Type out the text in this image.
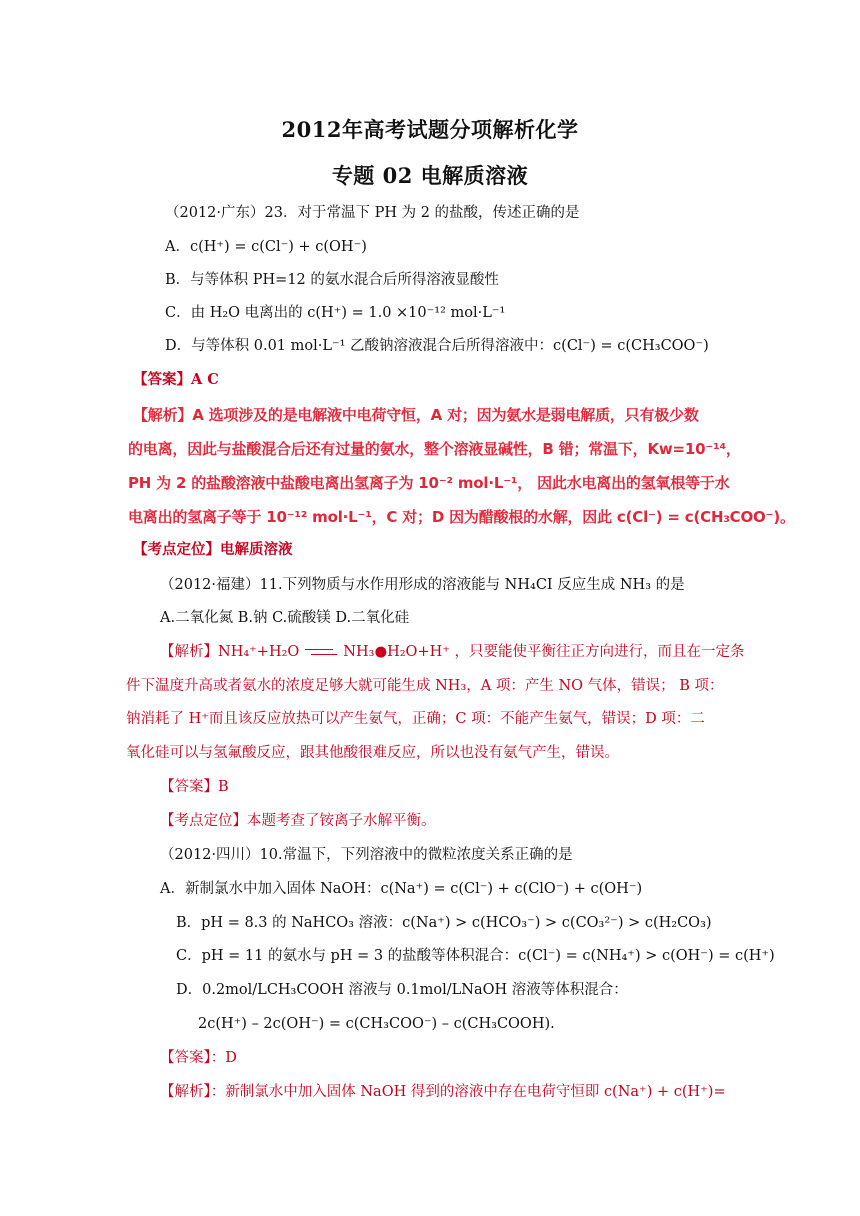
2012年高考试题分项解析化学
专题 02 电解质溶液
（2012·广东）23．对于常温下 PH 为 2 的盐酸，传述正确的是
A．c(H⁺) = c(Cl⁻) + c(OH⁻)
B．与等体积 PH=12 的氨水混合后所得溶液显酸性
C．由 H₂O 电离出的 c(H⁺) = 1.0 ×10⁻¹² mol·L⁻¹
D．与等体积 0.01 mol·L⁻¹ 乙酸钠溶液混合后所得溶液中：c(Cl⁻) = c(CH₃COO⁻)
【答案】A C
【解析】A 选项涉及的是电解液中电荷守恒，A 对；因为氨水是弱电解质，只有极少数
的电离，因此与盐酸混合后还有过量的氨水，整个溶液显碱性，B 错；常温下，Kw=10⁻¹⁴，
PH 为 2 的盐酸溶液中盐酸电离出氢离子为 10⁻² mol·L⁻¹， 因此水电离出的氢氧根等于水
电离出的氢离子等于 10⁻¹² mol·L⁻¹，C 对；D 因为醋酸根的水解，因此 c(Cl⁻) = c(CH₃COO⁻)。
【考点定位】电解质溶液
（2012·福建）11.下列物质与水作用形成的溶液能与 NH₄CI 反应生成 NH₃ 的是
A.二氧化氮 B.钠 C.硫酸镁 D.二氧化硅
【解析】NH₄⁺+H₂O	NH₃●H₂O+H⁺ ，只要能使平衡往正方向进行，而且在一定条
件下温度升高或者氨水的浓度足够大就可能生成 NH₃，A 项：产生 NO 气体，错误； B 项：
钠消耗了 H⁺而且该反应放热可以产生氨气，正确；C 项：不能产生氨气，错误；D 项：二
氧化硅可以与氢氟酸反应，跟其他酸很难反应，所以也没有氨气产生，错误。
【答案】B
【考点定位】本题考查了铵离子水解平衡。
（2012·四川）10.常温下，下列溶液中的微粒浓度关系正确的是
A．新制氯水中加入固体 NaOH：c(Na⁺) = c(Cl⁻) + c(ClO⁻) + c(OH⁻)
B．pH = 8.3 的 NaHCO₃ 溶液：c(Na⁺) > c(HCO₃⁻) > c(CO₃²⁻) > c(H₂CO₃)
C．pH = 11 的氨水与 pH = 3 的盐酸等体积混合：c(Cl⁻) = c(NH₄⁺) > c(OH⁻) = c(H⁺)
D．0.2mol/LCH₃COOH 溶液与 0.1mol/LNaOH 溶液等体积混合：
2c(H⁺) – 2c(OH⁻) = c(CH₃COO⁻) – c(CH₃COOH).
【答案】：D
【解析】：新制氯水中加入固体 NaOH 得到的溶液中存在电荷守恒即 c(Na⁺) + c(H⁺)=
